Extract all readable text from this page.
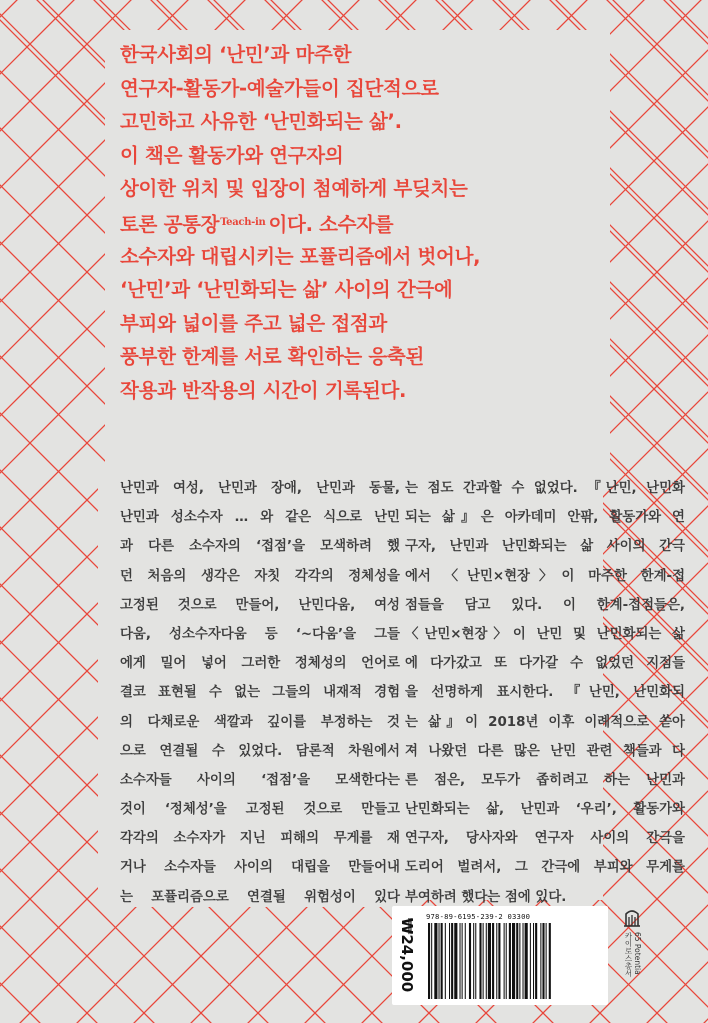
한국사회의 ‘난민’과 마주한
연구자-활동가-예술가들이 집단적으로
고민하고 사유한 ‘난민화되는 삶’.
이 책은 활동가와 연구자의
상이한 위치 및 입장이 첨예하게 부딪치는
토론 공통장$^{Teach-in}$ 이다. 소수자를
소수자와 대립시키는 포퓰리즘에서 벗어나,
‘난민’과 ‘난민화되는 삶’ 사이의 간극에
부피와 넓이를 주고 넓은 접점과
풍부한 한계를 서로 확인하는 응축된
작용과 반작용의 시간이 기록된다.
난민과 여성, 난민과 장애, 난민과 동물,
난민과 성소수자 … 와 같은 식으로 난민
과 다른 소수자의 ‘접점’을 모색하려 했
던 처음의 생각은 자칫 각각의 정체성을
고정된 것으로 만들어, 난민다움, 여성
다움, 성소수자다움 등 ‘~다움’을 그들
에게 밀어 넣어 그러한 정체성의 언어로
결코 표현될 수 없는 그들의 내재적 경험
의 다채로운 색깔과 깊이를 부정하는 것
으로 연결될 수 있었다. 담론적 차원에서
소수자들 사이의 ‘접점’을 모색한다는
것이 ‘정체성’을 고정된 것으로 만들고
각각의 소수자가 지닌 피해의 무게를 재
거나 소수자들 사이의 대립을 만들어내
는 포퓰리즘으로 연결될 위험성이 있다
는 점도 간과할 수 없었다. 『난민, 난민화
되는 삶』은 아카데미 안팎, 활동가와 연
구자, 난민과 난민화되는 삶 사이의 간극
에서 〈난민×현장〉이 마주한 한계-접
점들을 담고 있다. 이 한계-접점들은,
〈난민×현장〉이 난민 및 난민화되는 삶
에 다가갔고 또 다가갈 수 없었던 지점들
을 선명하게 표시한다. 『난민, 난민화되
는 삶』이 2018년 이후 이례적으로 쏟아
져 나왔던 다른 많은 난민 관련 책들과 다
른 점은, 모두가 좁히려고 하는 난민과
난민화되는 삶, 난민과 ‘우리’, 활동가와
연구자, 당사자와 연구자 사이의 간극을
도리어 벌려서, 그 간극에 부피와 무게를
부여하려 했다는 점에 있다.
₩24,000
978-89-6195-239-2 03300
카이로스총서 65 Potentia
